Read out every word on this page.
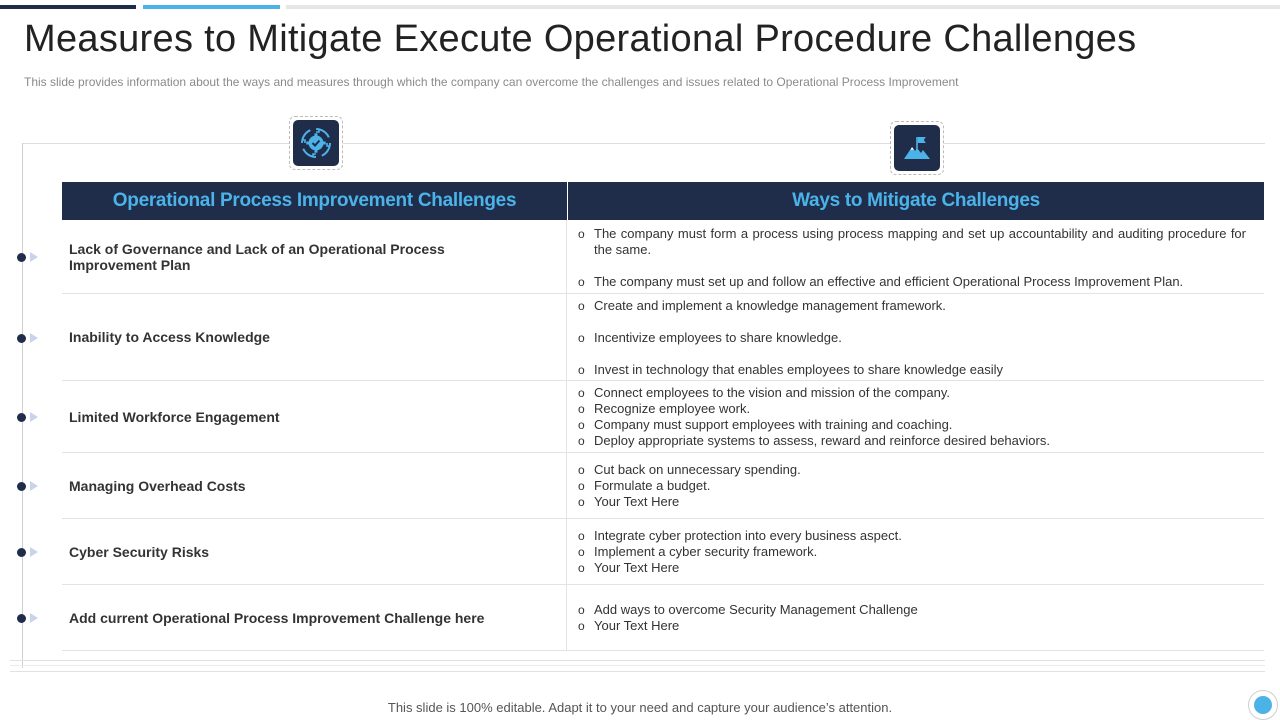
Measures to Mitigate Execute Operational Procedure Challenges
This slide provides information about the ways and measures through which the company can overcome the challenges and issues related to Operational Process Improvement
Operational Process Improvement Challenges	Ways to Mitigate Challenges
Lack of Governance and Lack of an Operational Process Improvement Plan
o The company must form a process using process mapping and set up accountability and auditing procedure for the same.
o The company must set up and follow an effective and efficient Operational Process Improvement Plan.
Inability to Access Knowledge
o Create and implement a knowledge management framework.
o Incentivize employees to share knowledge.
o Invest in technology that enables employees to share knowledge easily
Limited Workforce Engagement
o Connect employees to the vision and mission of the company.
o Recognize employee work.
o Company must support employees with training and coaching.
o Deploy appropriate systems to assess, reward and reinforce desired behaviors.
Managing Overhead Costs
o Cut back on unnecessary spending.
o Formulate a budget.
o Your Text Here
Cyber Security Risks
o Integrate cyber protection into every business aspect.
o Implement a cyber security framework.
o Your Text Here
Add current Operational Process Improvement Challenge here	o Add ways to overcome Security Management Challenge
o Your Text Here
This slide is 100% editable. Adapt it to your need and capture your audience’s attention.
